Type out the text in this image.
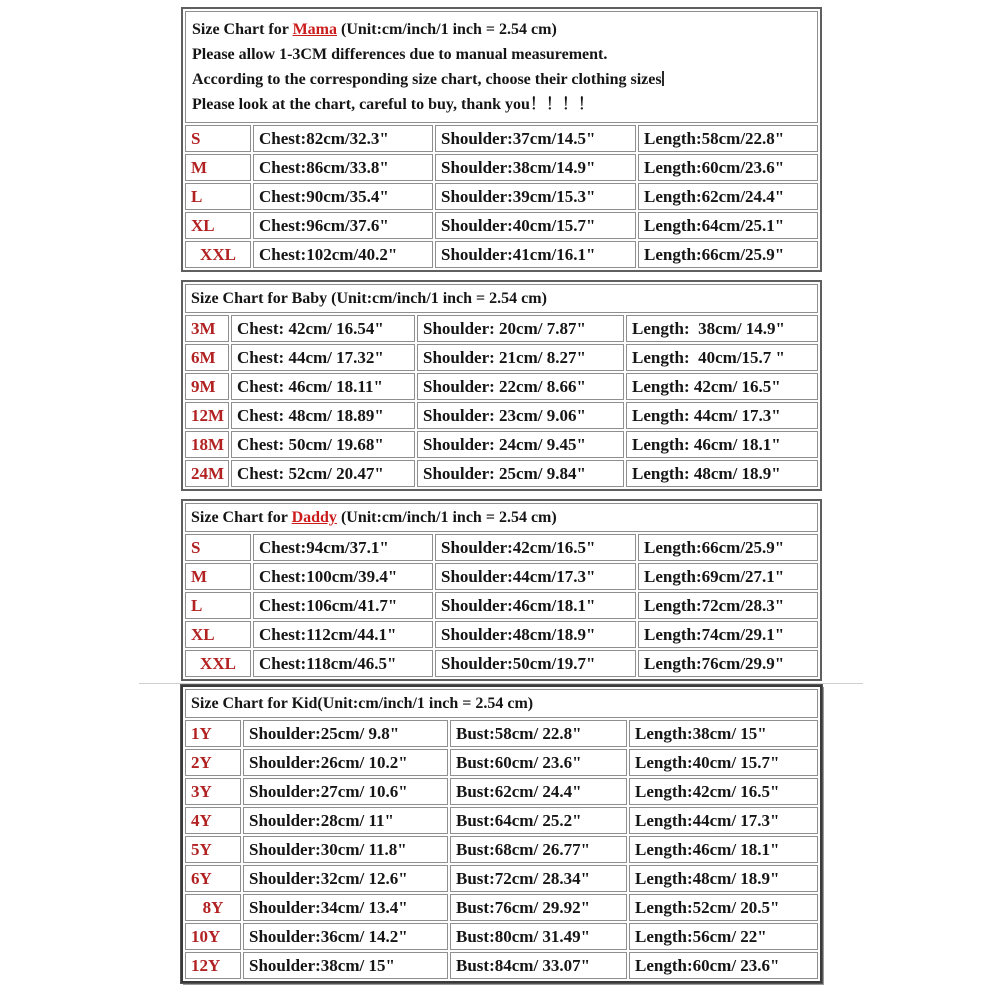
Size Chart for Mama (Unit:cm/inch/1 inch = 2.54 cm)
Please allow 1-3CM differences due to manual measurement.
According to the corresponding size chart, choose their clothing sizes
Please look at the chart, careful to buy, thank you！！！！			

S	Chest:82cm/32.3"	Shoulder:37cm/14.5"	Length:58cm/22.8"
M	Chest:86cm/33.8"	Shoulder:38cm/14.9"	Length:60cm/23.6"
L	Chest:90cm/35.4"	Shoulder:39cm/15.3"	Length:62cm/24.4"
XL	Chest:96cm/37.6"	Shoulder:40cm/15.7"	Length:64cm/25.1"
XXL	Chest:102cm/40.2"	Shoulder:41cm/16.1"	Length:66cm/25.9"
Size Chart for Baby (Unit:cm/inch/1 inch = 2.54 cm)			
3M	Chest: 42cm/ 16.54"	Shoulder: 20cm/ 7.87"	Length:  38cm/ 14.9"
6M	Chest: 44cm/ 17.32"	Shoulder: 21cm/ 8.27"	Length:  40cm/15.7 "
9M	Chest: 46cm/ 18.11"	Shoulder: 22cm/ 8.66"	Length: 42cm/ 16.5"
12M	Chest: 48cm/ 18.89"	Shoulder: 23cm/ 9.06"	Length: 44cm/ 17.3"
18M	Chest: 50cm/ 19.68"	Shoulder: 24cm/ 9.45"	Length: 46cm/ 18.1"
24M	Chest: 52cm/ 20.47"	Shoulder: 25cm/ 9.84"	Length: 48cm/ 18.9"
Size Chart for Daddy (Unit:cm/inch/1 inch = 2.54 cm)			
S	Chest:94cm/37.1"	Shoulder:42cm/16.5"	Length:66cm/25.9"
M	Chest:100cm/39.4"	Shoulder:44cm/17.3"	Length:69cm/27.1"
L	Chest:106cm/41.7"	Shoulder:46cm/18.1"	Length:72cm/28.3"
XL	Chest:112cm/44.1"	Shoulder:48cm/18.9"	Length:74cm/29.1"
XXL	Chest:118cm/46.5"	Shoulder:50cm/19.7"	Length:76cm/29.9"
Size Chart for Kid(Unit:cm/inch/1 inch = 2.54 cm)			
1Y	Shoulder:25cm/ 9.8"	Bust:58cm/ 22.8"	Length:38cm/ 15"
2Y	Shoulder:26cm/ 10.2"	Bust:60cm/ 23.6"	Length:40cm/ 15.7"
3Y	Shoulder:27cm/ 10.6"	Bust:62cm/ 24.4"	Length:42cm/ 16.5"
4Y	Shoulder:28cm/ 11"	Bust:64cm/ 25.2"	Length:44cm/ 17.3"
5Y	Shoulder:30cm/ 11.8"	Bust:68cm/ 26.77"	Length:46cm/ 18.1"
6Y	Shoulder:32cm/ 12.6"	Bust:72cm/ 28.34"	Length:48cm/ 18.9"
8Y	Shoulder:34cm/ 13.4"	Bust:76cm/ 29.92"	Length:52cm/ 20.5"
10Y	Shoulder:36cm/ 14.2"	Bust:80cm/ 31.49"	Length:56cm/ 22"
12Y	Shoulder:38cm/ 15"	Bust:84cm/ 33.07"	Length:60cm/ 23.6"
